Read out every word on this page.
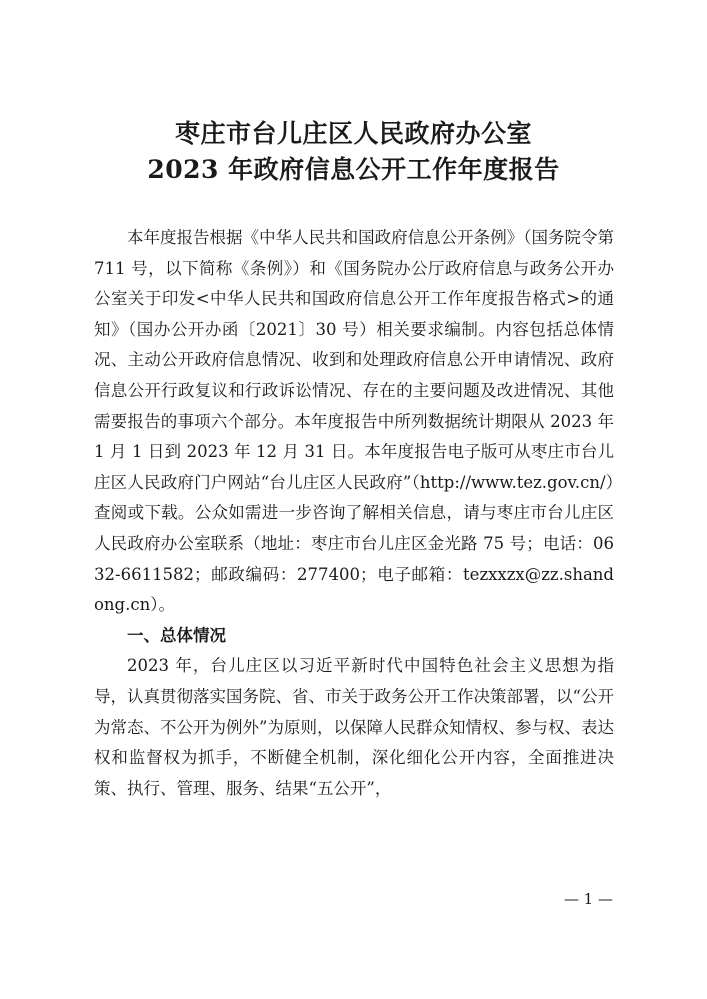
枣庄市台儿庄区人民政府办公室
2023 年政府信息公开工作年度报告

本年度报告根据《中华人民共和国政府信息公开条例》（国务院令第 711 号，以下简称《条例》）和《国务院办公厅政府信息与政务公开办公室关于印发<中华人民共和国政府信息公开工作年度报告格式>的通知》（国办公开办函〔2021〕30 号）相关要求编制。内容包括总体情况、主动公开政府信息情况、收到和处理政府信息公开申请情况、政府信息公开行政复议和行政诉讼情况、存在的主要问题及改进情况、其他需要报告的事项六个部分。本年度报告中所列数据统计期限从 2023 年 1 月 1 日到 2023 年 12 月 31 日。本年度报告电子版可从枣庄市台儿庄区人民政府门户网站“台儿庄区人民政府”（http://www.tez.gov.cn/）查阅或下载。公众如需进一步咨询了解相关信息，请与枣庄市台儿庄区人民政府办公室联系（地址：枣庄市台儿庄区金光路 75 号；电话：0632-6611582；邮政编码：277400；电子邮箱：tezxxzx@zz.shandong.cn）。

一、总体情况

2023 年，台儿庄区以习近平新时代中国特色社会主义思想为指导，认真贯彻落实国务院、省、市关于政务公开工作决策部署，以“公开为常态、不公开为例外”为原则，以保障人民群众知情权、参与权、表达权和监督权为抓手，不断健全机制，深化细化公开内容，全面推进决策、执行、管理、服务、结果“五公开”，

— 1 —
